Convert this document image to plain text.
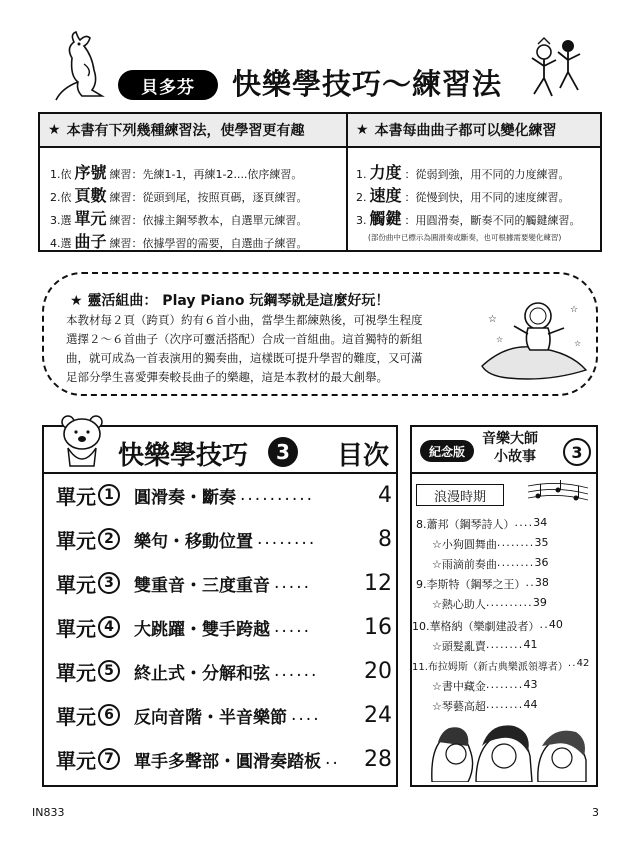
貝多芬	快樂學技巧～練習法
★ 本書有下列幾種練習法，使學習更有趣	★ 本書每曲曲子都可以變化練習
1.依 序號 練習：先練1-1，再練1-2....依序練習。
2.依 頁數 練習：從頭到尾，按照頁碼，逐頁練習。
3.選 單元 練習：依據主鋼琴教本，自選單元練習。
4.選 曲子 練習：依據學習的需要，自選曲子練習。
1. 力度 ：從弱到強，用不同的力度練習。
2. 速度 ：從慢到快，用不同的速度練習。
3. 觸鍵 ：用圓滑奏，斷奏不同的觸鍵練習。
(部份曲中已標示為圓滑奏或斷奏，也可根據需要變化練習)
★ 靈活組曲： Play Piano 玩鋼琴就是這麼好玩！
本教材每２頁（跨頁）約有６首小曲，當學生都練熟後，可視學生程度
選擇２～６首曲子（次序可靈活搭配）合成一首組曲。這首獨特的新組
曲，就可成為一首表演用的獨奏曲，這樣既可提升學習的難度，又可滿
足部分學生喜愛彈奏較長曲子的樂趣，這是本教材的最大創舉。
☆
☆
☆	☆
快樂學技巧	3	目次
單元 1	圓滑奏・斷奏 ..........	4
單元 2	樂句・移動位置 ........	8
單元 3	雙重音・三度重音 .....	12
單元 4	大跳躍・雙手跨越 .....	16
單元 5	終止式・分解和弦 ......	20
單元 6	反向音階・半音樂節 ....	24
單元 7	單手多聲部・圓滑奏踏板 ..	28
紀念版
音樂大師
小故事	3
浪漫時期
8.蕭邦（鋼琴詩人） .... 34
☆小狗圓舞曲 ........ 35
☆雨滴前奏曲 ........ 36
9.李斯特（鋼琴之王） .. 38
☆熱心助人 .......... 39
10.華格納（樂劇建設者） .. 40
☆頭髮亂賣 ........ 41
11.布拉姆斯（新古典樂派領導者） .. 42
☆書中藏金 ........ 43
☆琴藝高超 ........ 44
IN833	3
